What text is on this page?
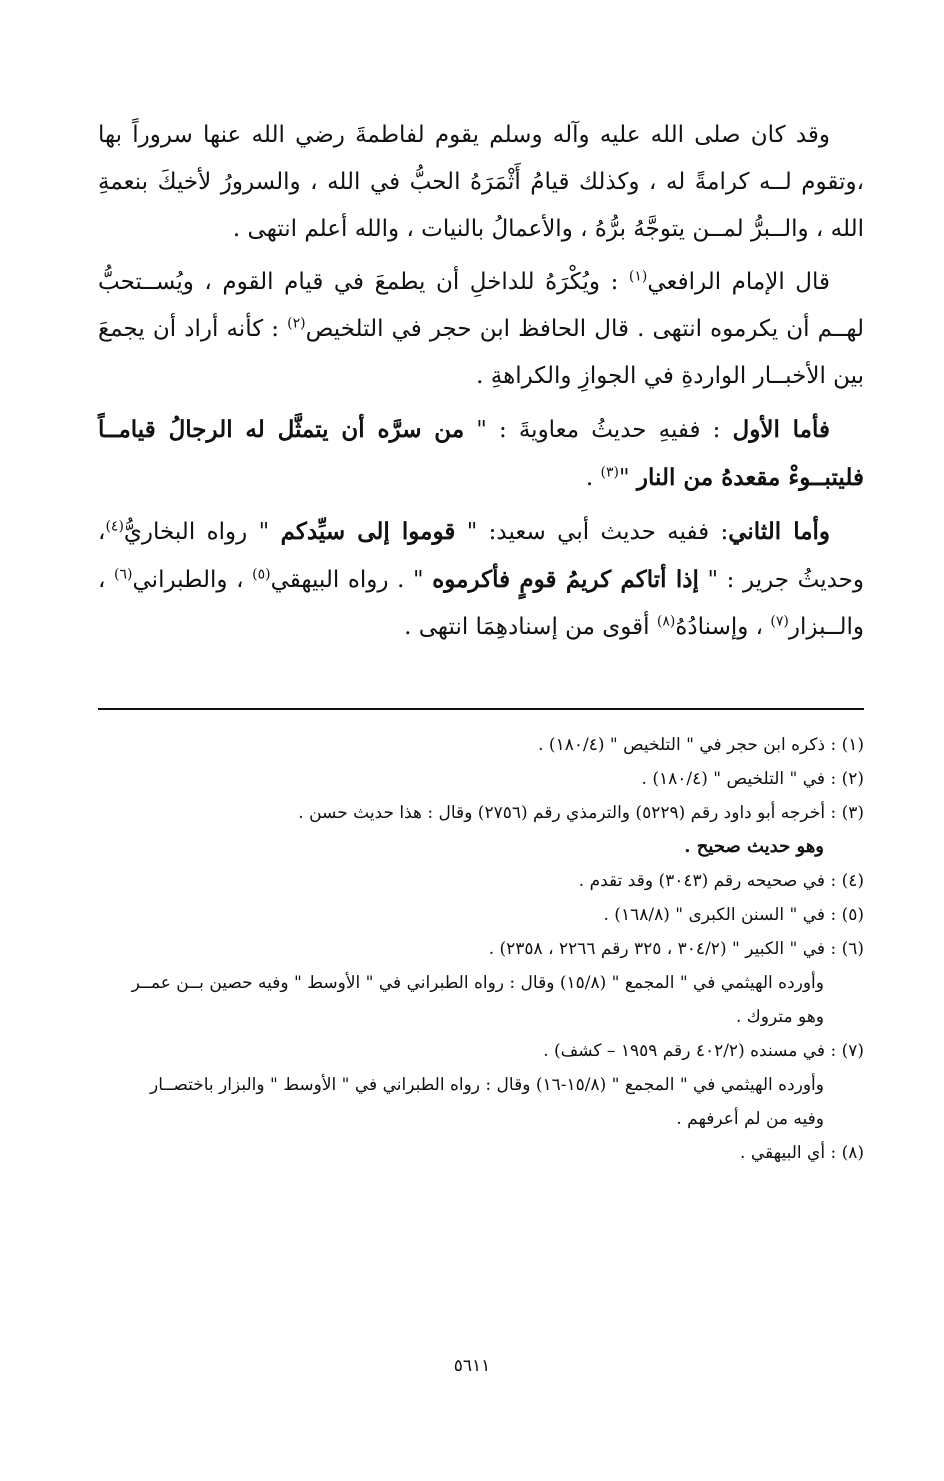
وقد كان صلى الله عليه وآله وسلم يقوم لفاطمةَ رضي الله عنها سروراً بها ،وتقوم لــه كرامةً له ، وكذلك قيامُ أَثْمَرَهُ الحبُّ في الله ، والسرورُ لأخيكَ بنعمةِ الله ، والــبرُّ لمــن يتوجَّهُ برُّهُ ، والأعمالُ بالنيات ، والله أعلم انتهى .

قال الإمام الرافعي$^{(١)}$ : ويُكْرَهُ للداخلِ أن يطمعَ في قيام القوم ، ويُســتحبُّ لهــم أن يكرموه انتهى . قال الحافظ ابن حجر في التلخيص$^{(٢)}$ : كأنه أراد أن يجمعَ بين الأخبــار الواردةِ في الجوازِ والكراهةِ .

فأما الأول : ففيهِ حديثُ معاويةَ : " من سرَّه أن يتمثَّل له الرجالُ قيامــاً فليتبــوءْ مقعدهُ من النار "$^{(٣)}$ .

وأما الثاني: ففيه حديث أبي سعيد: " قوموا إلى سيِّدكم " رواه البخاريُّ$^{(٤)}$، وحديثُ جرير : " إذا أتاكم كريمُ قومٍ فأكرموه " . رواه البيهقي$^{(٥)}$ ، والطبراني$^{(٦)}$ ، والــبزار$^{(٧)}$ ، وإسنادُهُ$^{(٨)}$ أقوى من إسنادهِمَا انتهى .

(١) : ذكره ابن حجر في " التلخيص " (١٨٠/٤) .

(٢) : في " التلخيص " (١٨٠/٤) .

(٣) : أخرجه أبو داود رقم (٥٢٢٩) والترمذي رقم (٢٧٥٦) وقال : هذا حديث حسن .

وهو حديث صحيح .

(٤) : في صحيحه رقم (٣٠٤٣) وقد تقدم .

(٥) : في " السنن الكبرى " (١٦٨/٨) .

(٦) : في " الكبير " (٣٠٤/٢ ، ٣٢٥ رقم ٢٢٦٦ ، ٢٣٥٨) .

وأورده الهيثمي في " المجمع " (١٥/٨) وقال : رواه الطبراني في " الأوسط " وفيه حصين بــن عمــر

وهو متروك .

(٧) : في مسنده (٤٠٢/٢ رقم ١٩٥٩ – كشف) .

وأورده الهيثمي في " المجمع " (١٥/٨-١٦) وقال : رواه الطبراني في " الأوسط " والبزار باختصــار

وفيه من لم أعرفهم .

(٨) : أي البيهقي .

٥٦١١
